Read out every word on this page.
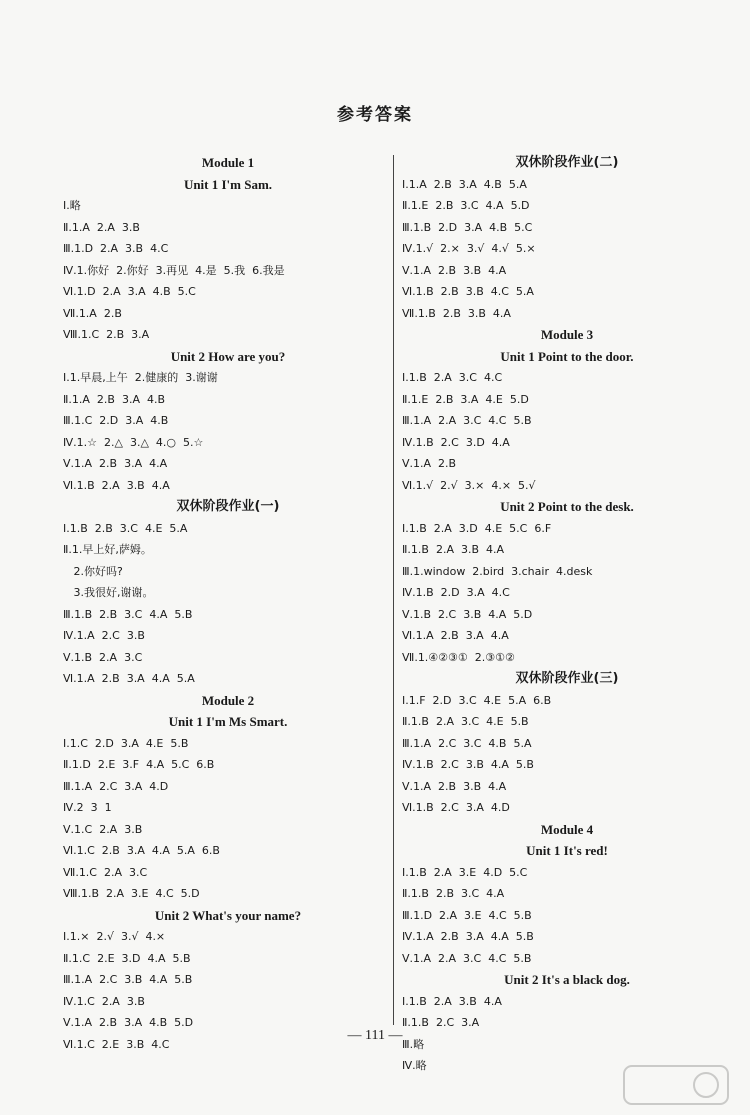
参考答案
Module 1
Unit 1 I'm Sam.
Ⅰ.略
Ⅱ.1.A  2.A  3.B
Ⅲ.1.D  2.A  3.B  4.C
Ⅳ.1.你好  2.你好  3.再见  4.是  5.我  6.我是
Ⅵ.1.D  2.A  3.A  4.B  5.C
Ⅶ.1.A  2.B
Ⅷ.1.C  2.B  3.A
Unit 2 How are you?
Ⅰ.1.早晨,上午  2.健康的  3.谢谢
Ⅱ.1.A  2.B  3.A  4.B
Ⅲ.1.C  2.D  3.A  4.B
Ⅳ.1.☆  2.△  3.△  4.○  5.☆
Ⅴ.1.A  2.B  3.A  4.A
Ⅵ.1.B  2.A  3.B  4.A
双休阶段作业(一)
Ⅰ.1.B  2.B  3.C  4.E  5.A
Ⅱ.1.早上好,萨姆。
2.你好吗?
3.我很好,谢谢。
Ⅲ.1.B  2.B  3.C  4.A  5.B
Ⅳ.1.A  2.C  3.B
Ⅴ.1.B  2.A  3.C
Ⅵ.1.A  2.B  3.A  4.A  5.A
Module 2
Unit 1 I'm Ms Smart.
Ⅰ.1.C  2.D  3.A  4.E  5.B
Ⅱ.1.D  2.E  3.F  4.A  5.C  6.B
Ⅲ.1.A  2.C  3.A  4.D
Ⅳ.2  3  1
Ⅴ.1.C  2.A  3.B
Ⅵ.1.C  2.B  3.A  4.A  5.A  6.B
Ⅶ.1.C  2.A  3.C
Ⅷ.1.B  2.A  3.E  4.C  5.D
Unit 2 What's your name?
Ⅰ.1.×  2.√  3.√  4.×
Ⅱ.1.C  2.E  3.D  4.A  5.B
Ⅲ.1.A  2.C  3.B  4.A  5.B
Ⅳ.1.C  2.A  3.B
Ⅴ.1.A  2.B  3.A  4.B  5.D
Ⅵ.1.C  2.E  3.B  4.C
双休阶段作业(二)
Ⅰ.1.A  2.B  3.A  4.B  5.A
Ⅱ.1.E  2.B  3.C  4.A  5.D
Ⅲ.1.B  2.D  3.A  4.B  5.C
Ⅳ.1.√  2.×  3.√  4.√  5.×
Ⅴ.1.A  2.B  3.B  4.A
Ⅵ.1.B  2.B  3.B  4.C  5.A
Ⅶ.1.B  2.B  3.B  4.A
Module 3
Unit 1 Point to the door.
Ⅰ.1.B  2.A  3.C  4.C
Ⅱ.1.E  2.B  3.A  4.E  5.D
Ⅲ.1.A  2.A  3.C  4.C  5.B
Ⅳ.1.B  2.C  3.D  4.A
Ⅴ.1.A  2.B
Ⅵ.1.√  2.√  3.×  4.×  5.√
Unit 2 Point to the desk.
Ⅰ.1.B  2.A  3.D  4.E  5.C  6.F
Ⅱ.1.B  2.A  3.B  4.A
Ⅲ.1.window  2.bird  3.chair  4.desk
Ⅳ.1.B  2.D  3.A  4.C
Ⅴ.1.B  2.C  3.B  4.A  5.D
Ⅵ.1.A  2.B  3.A  4.A
Ⅶ.1.④②③①  2.③①②
双休阶段作业(三)
Ⅰ.1.F  2.D  3.C  4.E  5.A  6.B
Ⅱ.1.B  2.A  3.C  4.E  5.B
Ⅲ.1.A  2.C  3.C  4.B  5.A
Ⅳ.1.B  2.C  3.B  4.A  5.B
Ⅴ.1.A  2.B  3.B  4.A
Ⅵ.1.B  2.C  3.A  4.D
Module 4
Unit 1 It's red!
Ⅰ.1.B  2.A  3.E  4.D  5.C
Ⅱ.1.B  2.B  3.C  4.A
Ⅲ.1.D  2.A  3.E  4.C  5.B
Ⅳ.1.A  2.B  3.A  4.A  5.B
Ⅴ.1.A  2.A  3.C  4.C  5.B
Unit 2 It's a black dog.
Ⅰ.1.B  2.A  3.B  4.A
Ⅱ.1.B  2.C  3.A
Ⅲ.略
Ⅳ.略
— 111 —
